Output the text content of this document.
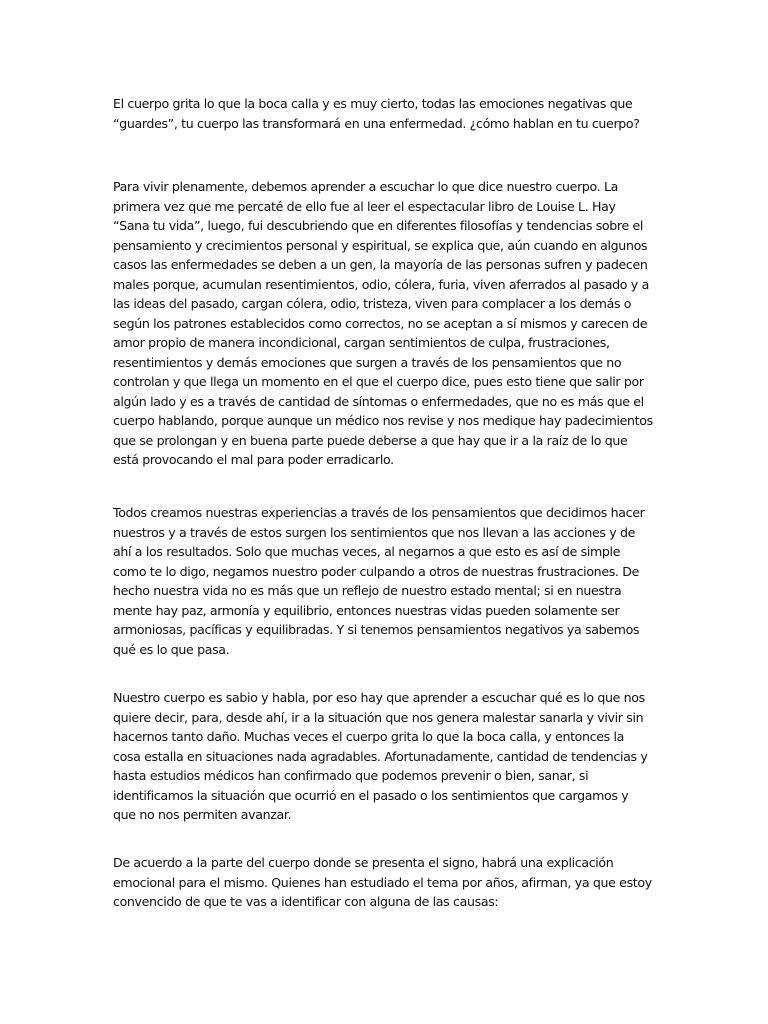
El cuerpo grita lo que la boca calla y es muy cierto, todas las emociones negativas que “guardes”, tu cuerpo las transformará en una enfermedad. ¿cómo hablan en tu cuerpo?

Para vivir plenamente, debemos aprender a escuchar lo que dice nuestro cuerpo. La primera vez que me percaté de ello fue al leer el espectacular libro de Louise L. Hay “Sana tu vida”, luego, fui descubriendo que en diferentes filosofías y tendencias sobre el pensamiento y crecimientos personal y espiritual, se explica que, aún cuando en algunos casos las enfermedades se deben a un gen, la mayoría de las personas sufren y padecen males porque, acumulan resentimientos, odio, cólera, furia, viven aferrados al pasado y a las ideas del pasado, cargan cólera, odio, tristeza, viven para complacer a los demás o según los patrones establecidos como correctos, no se aceptan a sí mismos y carecen de amor propio de manera incondicional, cargan sentimientos de culpa, frustraciones, resentimientos y demás emociones que surgen a través de los pensamientos que no controlan y que llega un momento en el que el cuerpo dice, pues esto tiene que salir por algún lado y es a través de cantidad de síntomas o enfermedades, que no es más que el cuerpo hablando, porque aunque un médico nos revise y nos medique hay padecimientos que se prolongan y en buena parte puede deberse a que hay que ir a la raíz de lo que está provocando el mal para poder erradicarlo.

Todos creamos nuestras experiencias a través de los pensamientos que decidimos hacer nuestros y a través de estos surgen los sentimientos que nos llevan a las acciones y de ahí a los resultados. Solo que muchas veces, al negarnos a que esto es así de simple como te lo digo, negamos nuestro poder culpando a otros de nuestras frustraciones. De hecho nuestra vida no es más que un reflejo de nuestro estado mental; si en nuestra mente hay paz, armonía y equilibrio, entonces nuestras vidas pueden solamente ser armoniosas, pacíficas y equilibradas. Y si tenemos pensamientos negativos ya sabemos qué es lo que pasa.

Nuestro cuerpo es sabio y habla, por eso hay que aprender a escuchar qué es lo que nos quiere decir, para, desde ahí, ir a la situación que nos genera malestar sanarla y vivir sin hacernos tanto daño. Muchas veces el cuerpo grita lo que la boca calla, y entonces la cosa estalla en situaciones nada agradables. Afortunadamente, cantidad de tendencias y hasta estudios médicos han confirmado que podemos prevenir o bien, sanar, si identificamos la situación que ocurrió en el pasado o los sentimientos que cargamos y que no nos permiten avanzar.

De acuerdo a la parte del cuerpo donde se presenta el signo, habrá una explicación emocional para el mismo. Quienes han estudiado el tema por años, afirman, ya que estoy convencido de que te vas a identificar con alguna de las causas:
